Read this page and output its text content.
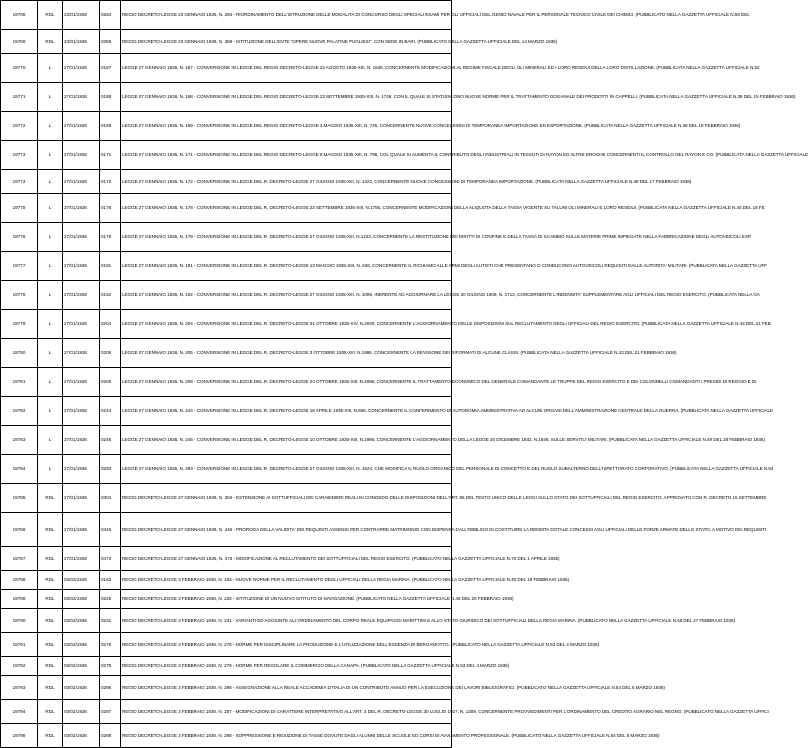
19768	RDL	23/01/1936	0284	REGIO DECRETO-LEGGE 23 GENNAIO 1936, N. 284 - RIORDINAMENTO DELL'ISTRUZIONE DELLE MODALITA DI CONCORSO DEGLI SPECIALI ESAMI PER GLI UFFICIALI DEL GENIO NAVALE PER IL PERSONALE TECNICO CIVILE DEI CHIMICI. (PUBBLICATO NELLA GAZZETTA UFFICIALE N.59 DEL
19769	RDL	23/01/1936	0359	REGIO DECRETO-LEGGE 23 GENNAIO 1936, N. 359 - ISTITUZIONE DELL'ENTE "OPERE NUOVE PALATINE PUGLIESI", CON SEDE IN BARI. (PUBBLICATO NELLA GAZZETTA UFFICIALE DEL 14 MARZO 1936)
19770	L	27/01/1936	0187	LEGGE 27 GENNAIO 1936, N. 187 - CONVERSIONE IN LEGGE DEL REGIO DECRETO-LEGGE 23 AGOSTO 1935-XIII, N. 1536, CONCERNENTE MODIFICAZIONI AL REGIME FISCALE DEGLI OLI MINERALI ED I LORO RESIDUI DELLA LORO DISTILLAZIONE. (PUBBLICATA NELLA GAZZETTA UFFICIALE N.52
19771	L	27/01/1936	0188	LEGGE 27 GENNAIO 1936, N. 188 - CONVERSIONE IN LEGGE DEL REGIO DECRETO-LEGGE 23 SETTEMBRE 1935-XIII, N. 1746, CON IL QUALE SI STATUISCONO NUOVE NORME PER IL TRATTAMENTO DOGANALE DEI PRODOTTI IN CAPPELLI. (PUBBLICATA NELLA GAZZETTA UFFICIALE N.38 DEL 15 FEBBRAIO 1936)
19772	L	27/01/1936	0169	LEGGE 27 GENNAIO 1936, N. 169 - CONVERSIONE IN LEGGE DEL REGIO DECRETO-LEGGE 3 MAGGIO 1935-XIII, N. 725, CONCERNENTE NUOVE CONCESSIONI DI TEMPORANEA IMPORTAZIONE ED ESPORTAZIONE. (PUBBLICATA NELLA GAZZETTA UFFICIALE N.38 DEL 15 FEBBRAIO 1936)
19773	L	27/01/1936	0171	LEGGE 27 GENNAIO 1936, N. 171 - CONVERSIONE IN LEGGE DEL REGIO DECRETO-LEGGE 9 MAGGIO 1935-XIII, N. 796, COL QUALE SI AUMENTA IL CONTRIBUTO DEGLI INDUSTRIALI IN TESSUTI DI RAYON ED ALTRE DROGHE CONCERNENTI IL CONTROLLO DEL RAYON E CO. (PUBBLICATA NELLA GAZZETTA UFFICIALE
19774	L	27/01/1936	0172	LEGGE 27 GENNAIO 1936, N. 172 - CONVERSIONE IN LEGGE DEL R. DECRETO-LEGGE 27 GIUGNO 1935-XIII, N. 1322, CONCERNENTE NUOVE CONCESSIONI DI TEMPORANEA IMPORTAZIONE. (PUBBLICATA NELLA GAZZETTA UFFICIALE N.39 DEL 17 FEBBRAIO 1936)
19775	L	27/01/1936	0178	LEGGE 27 GENNAIO 1936, N. 178 - CONVERSIONE IN LEGGE DEL R. DECRETO-LEGGE 23 SETTEMBRE 1935-XIII, N.1755, CONCERNENTE MODIFICAZIONI DELLA ALIQUOTA DELLA TASSA VIGENTE SU TALUNI OLI MINERALI E LORO RESIDUI. (PUBBLICATA NELLA GAZZETTA UFFICIALE N.40 DEL 18 FE
19776	L	27/01/1936	0179	LEGGE 27 GENNAIO 1936, N. 179 - CONVERSIONE IN LEGGE DEL R. DECRETO-LEGGE 27 GIUGNO 1935-XIII, N.1223, CONCERNENTE LA RESTITUZIONE DEI DIRITTI DI CONFINE E DELLA TASSA DI SCAMBIO SULLE MATERIE PRIME IMPIEGATE NELLA FABBRICAZIONE DEGLI AUTOVEICOLI ESP.
19777	L	27/01/1936	0191	LEGGE 27 GENNAIO 1936, N. 191 - CONVERSIONE IN LEGGE DEL R. DECRETO-LEGGE 13 MAGGIO 1935-XIII, N. 636, CONCERNENTE IL RICHIAMO ALLE ARMI DEGLI AUTISTI CHE PRESENTANO O CONDUCONO AUTOVEICOLI REQUISITI DALLE AUTORITA' MILITARI. (PUBBLICATA NELLA GAZZETTA UFF
19778	L	27/01/1936	0192	LEGGE 27 GENNAIO 1936, N. 192 - CONVERSIONE IN LEGGE DEL R. DECRETO-LEGGE 27 GIUGNO 1935-XIII, N. 1096, INERENTE AD AGGIORNARE LA LEGGE 20 GIUGNO 1909, N. 1713, CONCERNENTE L'INDENNITA' SUPPLEMENTARE AGLI UFFICIALI DEL REGIO ESERCITO. (PUBBLICATA NELLA GA
19779	L	27/01/1936	0204	LEGGE 27 GENNAIO 1936, N. 204 - CONVERSIONE IN LEGGE DEL R. DECRETO-LEGGE 31 OTTOBRE 1935-XIV, N.2030, CONCERNENTE L'AGGIORNAMENTO DELLE DISPOSIZIONI SUL RECLUTAMENTO DEGLI UFFICIALI DEL REGIO ESERCITO. (PUBBLICATA NELLA GAZZETTA UFFICIALE N.43 DEL 21 FEB
19780	L	27/01/1936	0205	LEGGE 27 GENNAIO 1936, N. 205 - CONVERSIONE IN LEGGE DEL R. DECRETO-LEGGE 3 OTTOBRE 1935-XIII, N.1986, CONCERNENTE LA REVISIONE DEI RIFORMATI DI ALCUNE CLASSI. (PUBBLICATA NELLA GAZZETTA UFFICIALE N.43 DEL 21 FEBBRAIO 1936)
19781	L	27/01/1936	0206	LEGGE 27 GENNAIO 1936, N. 206 - CONVERSIONE IN LEGGE DEL R. DECRETO-LEGGE 24 OTTOBRE 1935-XIII, N.2096, CONCERNENTE IL TRATTAMENTO ECONOMICO DEL GENERALE COMANDANTE LE TRUPPE DEL REGIO ESERCITO E DEI COLONNELLI COMANDANTI I PRESIDI DI REGGIO E DI
19782	L	27/01/1936	0244	LEGGE 27 GENNAIO 1936, N. 244 - CONVERSIONE IN LEGGE DEL R. DECRETO-LEGGE 18 APRILE 1935-XIII, N.665, CONCERNENTE IL CONFERIMENTO DI AUTONOMIA AMMINISTRATIVA AD ALCUNI ORGANI DELL'AMMINISTRAZIONE CENTRALE DELLA GUERRA. (PUBBLICATA NELLA GAZZETTA UFFICIALE
19783	L	27/01/1936	0246	LEGGE 27 GENNAIO 1936, N. 246 - CONVERSIONE IN LEGGE DEL R. DECRETO-LEGGE 10 OTTOBRE 1935-XIII, N.1986, CONCERNENTE L'AGGIORNAMENTO DELLA LEGGE 20 DICEMBRE 1932, N.1849, SULLE SERVITU' MILITARI. (PUBBLICATA NELLA GAZZETTA UFFICIALE N.49 DEL 28 FEBBRAIO 1936)
19784	L	27/01/1936	0293	LEGGE 27 GENNAIO 1936, N. 293 - CONVERSIONE IN LEGGE DEL R. DECRETO-LEGGE 27 GIUGNO 1935-XIII, N. 1524, CHE MODIFICA IL RUOLO ORGANICO DEL PERSONALE DI CONCETTO E DEL RUOLO SUBALTERNO DELL'ISPETTORATO CORPORATIVO. (PUBBLICATA NELLA GAZZETTA UFFICIALE N.54
19785	RDL	27/01/1936	0304	REGIO DECRETO-LEGGE 27 GENNAIO 1936, N. 304 - ESTENSIONE AI SOTTUFFICIALI DEI CARABINIERI REALI IN CONGEDO DELLE DISPOSIZIONI DELL'ART. 86 DEL TESTO UNICO DELLE LEGGI SULLO STATO DEI SOTTUFFICIALI DEL REGIO ESERCITO, APPROVATO CON R. DECRETO 15 SETTEMBRE
19786	RDL	27/01/1936	0446	REGIO DECRETO-LEGGE 27 GENNAIO 1936, N. 446 - PROROGA DELLA VALIDITA' DEI REQUISITI ASSENSI PER CONTRARRE MATRIMONIO CON DISPENSA DALL'OBBLIGO DI COSTITUIRE LA RENDITA DOTALE CONCESSI AGLI UFFICIALI DELLE FORZE ARMATE DELLO STATO, A MOTIVO DEI REQUISITI
19787	RDL	27/01/1936	0473	REGIO DECRETO-LEGGE 27 GENNAIO 1936, N. 473 - MODIFICAZIONE AL RECLUTAMENTO DEI SOTTUFFICIALI DEL REGIO ESERCITO. (PUBBLICATO NELLA GAZZETTA UFFICIALE N.70 DEL 1 APRILE 1936)
19788	RDL	03/02/1936	0183	REGIO DECRETO-LEGGE 3 FEBBRAIO 1936, N. 183 - NUOVE NORME PER IL RECLUTAMENTO DEGLI UFFICIALI DELLA REGIA MARINA. (PUBBLICATO NELLA GAZZETTA UFFICIALE N.40 DEL 18 FEBBRAIO 1936)
19789	RDL	03/02/1936	0225	REGIO DECRETO-LEGGE 3 FEBBRAIO 1936, N. 225 - ISTITUZIONE DI UN NUOVO ISTITUTO DI NAVIGAZIONE. (PUBBLICATO NELLA GAZZETTA UFFICIALE N.46 DEL 25 FEBBRAIO 1936)
19790	RDL	03/02/1936	0231	REGIO DECRETO-LEGGE 3 FEBBRAIO 1936, N. 231 - VARIANTI ED AGGIUNTE ALL'ORDINAMENTO DEL CORPO REALE EQUIPAGGI MARITTIMI E ALLO STATO GIURIDICO DEI SOTTUFFICIALI DELLA REGIA MARINA. (PUBBLICATO NELLA GAZZETTA UFFICIALE N.48 DEL 27 FEBBRAIO 1936)
19791	RDL	03/02/1936	0276	REGIO DECRETO-LEGGE 3 FEBBRAIO 1936, N. 276 - NORME PER DISCIPLINARE LA PRODUZIONE E L'UTILIZZAZIONE DELL'ESSENZA DI BERGAMOTTO. (PUBBLICATO NELLA GAZZETTA UFFICIALE N.53 DEL 4 MARZO 1936)
19792	RDL	03/02/1936	0279	REGIO DECRETO-LEGGE 3 FEBBRAIO 1936, N. 279 - NORME PER REGOLARE IL COMMERCIO DELLA CANAPA. (PUBBLICATO NELLA GAZZETTA UFFICIALE N.53 DEL 4 MARZO 1936)
19793	RDL	03/02/1936	0286	REGIO DECRETO-LEGGE 3 FEBBRAIO 1936, N. 286 - ASSEGNAZIONE ALLA REALE ACCADEMIA D'ITALIA DI UN CONTRIBUTO ANNUO PER LA ESECUZIONE DEI LAVORI BIBLIOGRAFICI. (PUBBLICATO NELLA GAZZETTA UFFICIALE N.54 DEL 5 MARZO 1936)
19794	RDL	03/02/1936	0287	REGIO DECRETO-LEGGE 3 FEBBRAIO 1936, N. 287 - MODIFICAZIONI DI CARATTERE INTERPRETATIVO ALL'ART. 2 DEL R. DECRETO-LEGGE 30 LUGLIO 1927, N. 1309, CONCERNENTE PROVVEDIMENTI PER L'ORDINAMENTO DEL CREDITO AGRARIO NEL REGNO. (PUBBLICATO NELLA GAZZETTA UFFICI
19795	RDL	03/02/1936	0288	REGIO DECRETO-LEGGE 3 FEBBRAIO 1936, N. 288 - SOPPRESSIONE E RIDUZIONE DI TASSE DOVUTE DAGLI ALUNNI DELLE SCUOLE ED CORSI DI AVVIAMENTO PROFESSIONALE. (PUBBLICATO NELLA GAZZETTA UFFICIALE N.54 DEL 5 MARZO 1936)
